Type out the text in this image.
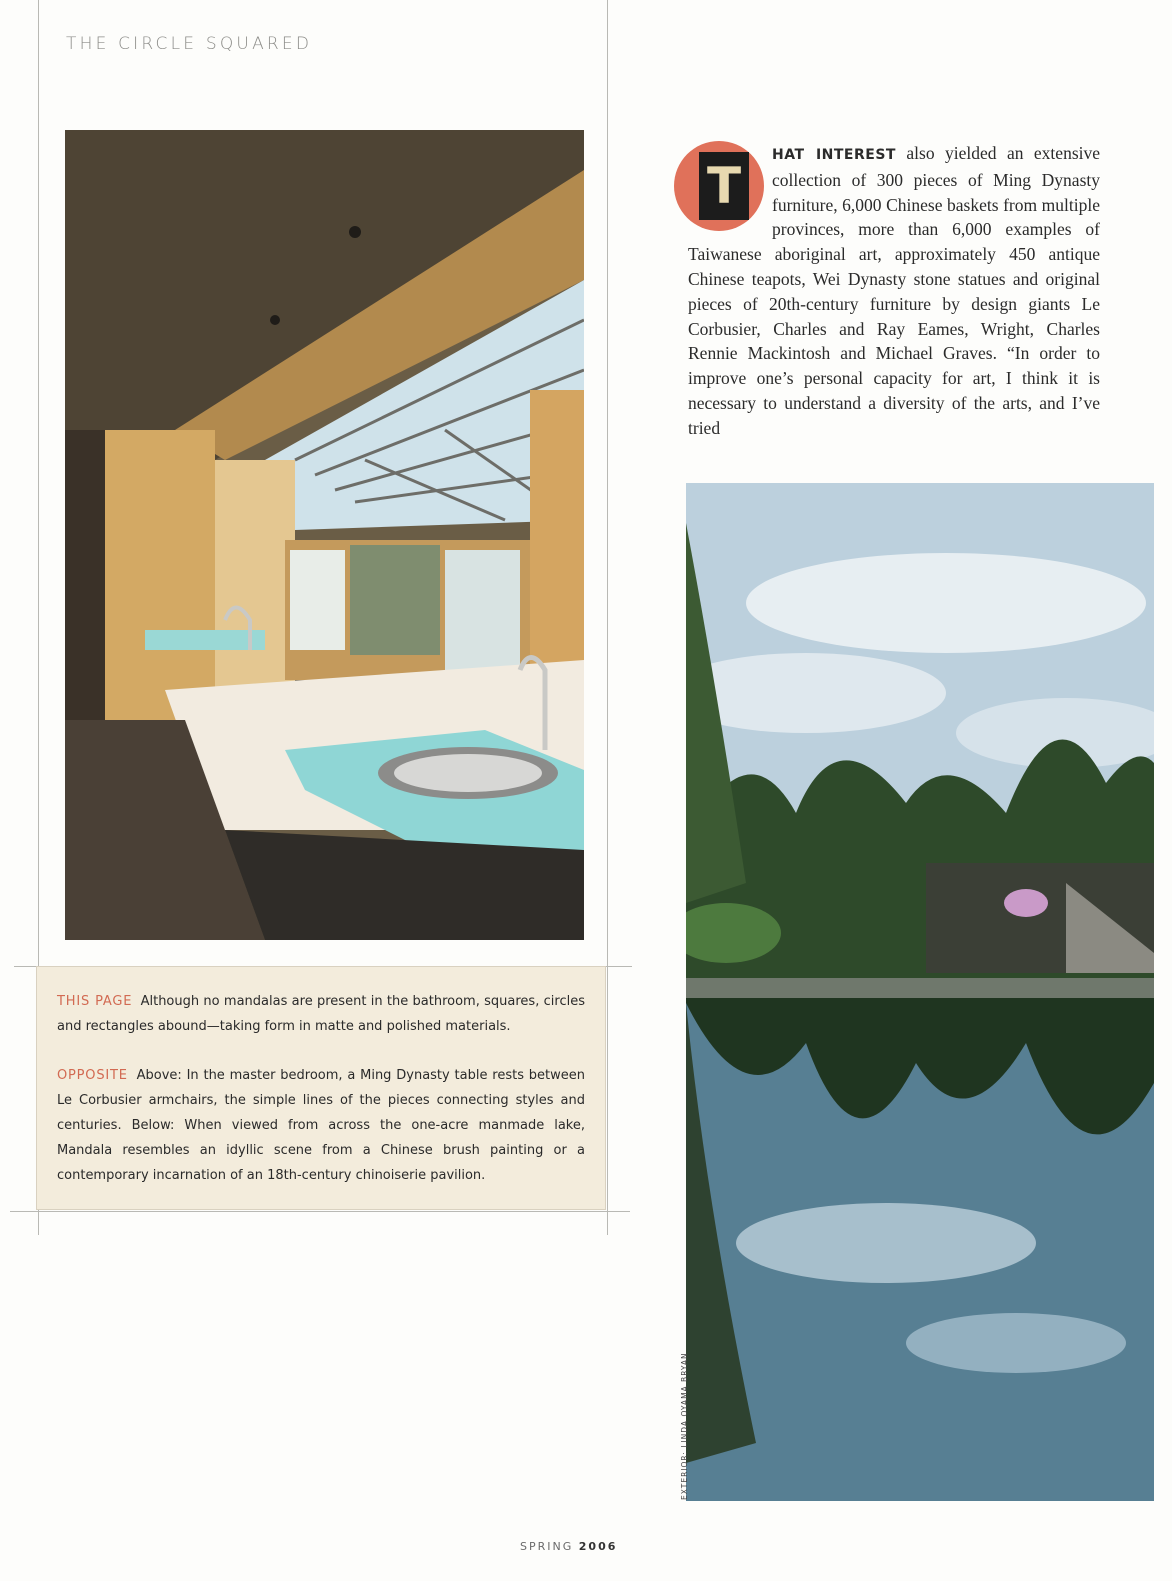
THE CIRCLE SQUARED

THIS PAGE Although no mandalas are present in the bathroom, squares, circles and rectangles abound—taking form in matte and polished materials.

OPPOSITE Above: In the master bedroom, a Ming Dynasty table rests between Le Corbusier armchairs, the simple lines of the pieces connecting styles and centuries. Below: When viewed from across the one-acre manmade lake, Mandala resembles an idyllic scene from a Chinese brush painting or a contemporary incarnation of an 18th-century chinoiserie pavilion.

T
HAT INTEREST also yielded an extensive collection of 300 pieces of Ming Dynasty furniture, 6,000 Chinese baskets from multiple provinces, more than 6,000 examples of Taiwanese aboriginal art, approximately 450 antique Chinese teapots, Wei Dynasty stone statues and original pieces of 20th-century furniture by design giants Le Corbusier, Charles and Ray Eames, Wright, Charles Rennie Mackintosh and Michael Graves. “In order to improve one’s personal capacity for art, I think it is necessary to understand a diversity of the arts, and I’ve tried
EXTERIOR: LINDA OYAMA BRYAN
SPRING 2006
